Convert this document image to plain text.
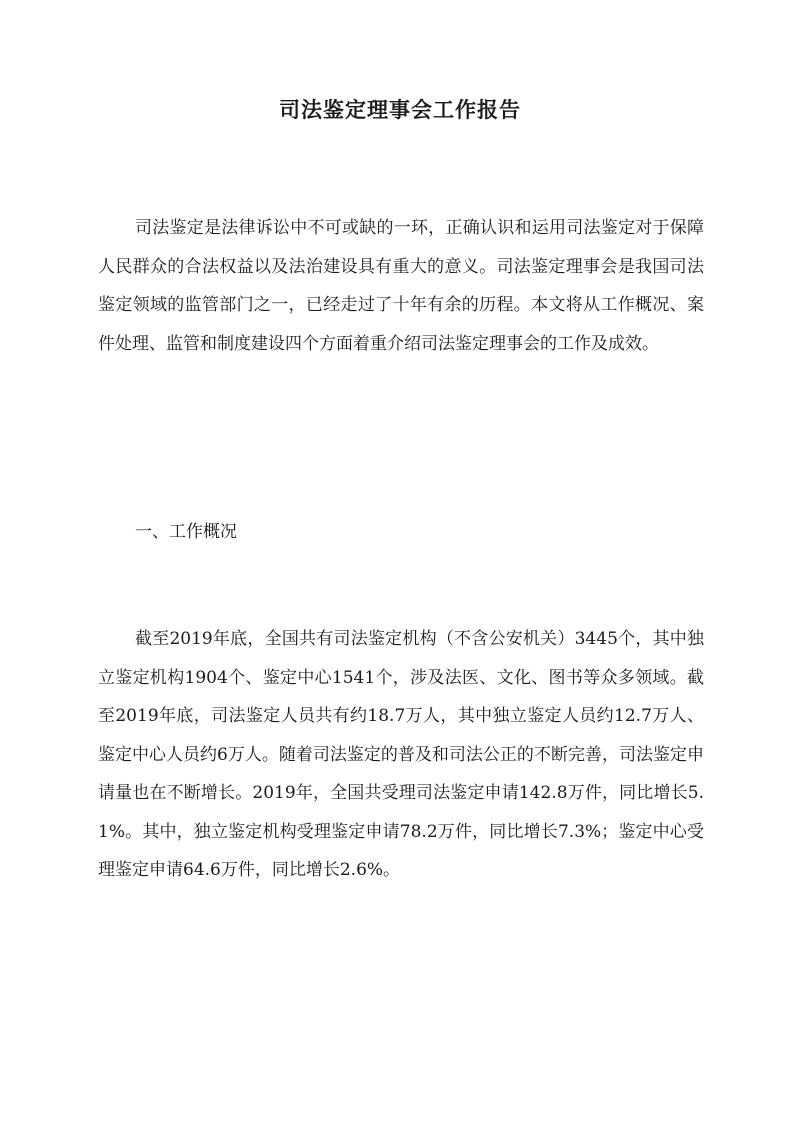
司法鉴定理事会工作报告

司法鉴定是法律诉讼中不可或缺的一环，正确认识和运用司法鉴定对于保障人民群众的合法权益以及法治建设具有重大的意义。司法鉴定理事会是我国司法鉴定领域的监管部门之一，已经走过了十年有余的历程。本文将从工作概况、案件处理、监管和制度建设四个方面着重介绍司法鉴定理事会的工作及成效。

一、工作概况

截至2019年底，全国共有司法鉴定机构（不含公安机关）3445个，其中独立鉴定机构1904个、鉴定中心1541个，涉及法医、文化、图书等众多领域。截至2019年底，司法鉴定人员共有约18.7万人，其中独立鉴定人员约12.7万人、鉴定中心人员约6万人。随着司法鉴定的普及和司法公正的不断完善，司法鉴定申请量也在不断增长。2019年，全国共受理司法鉴定申请142.8万件，同比增长5.1%。其中，独立鉴定机构受理鉴定申请78.2万件，同比增长7.3%；鉴定中心受理鉴定申请64.6万件，同比增长2.6%。
